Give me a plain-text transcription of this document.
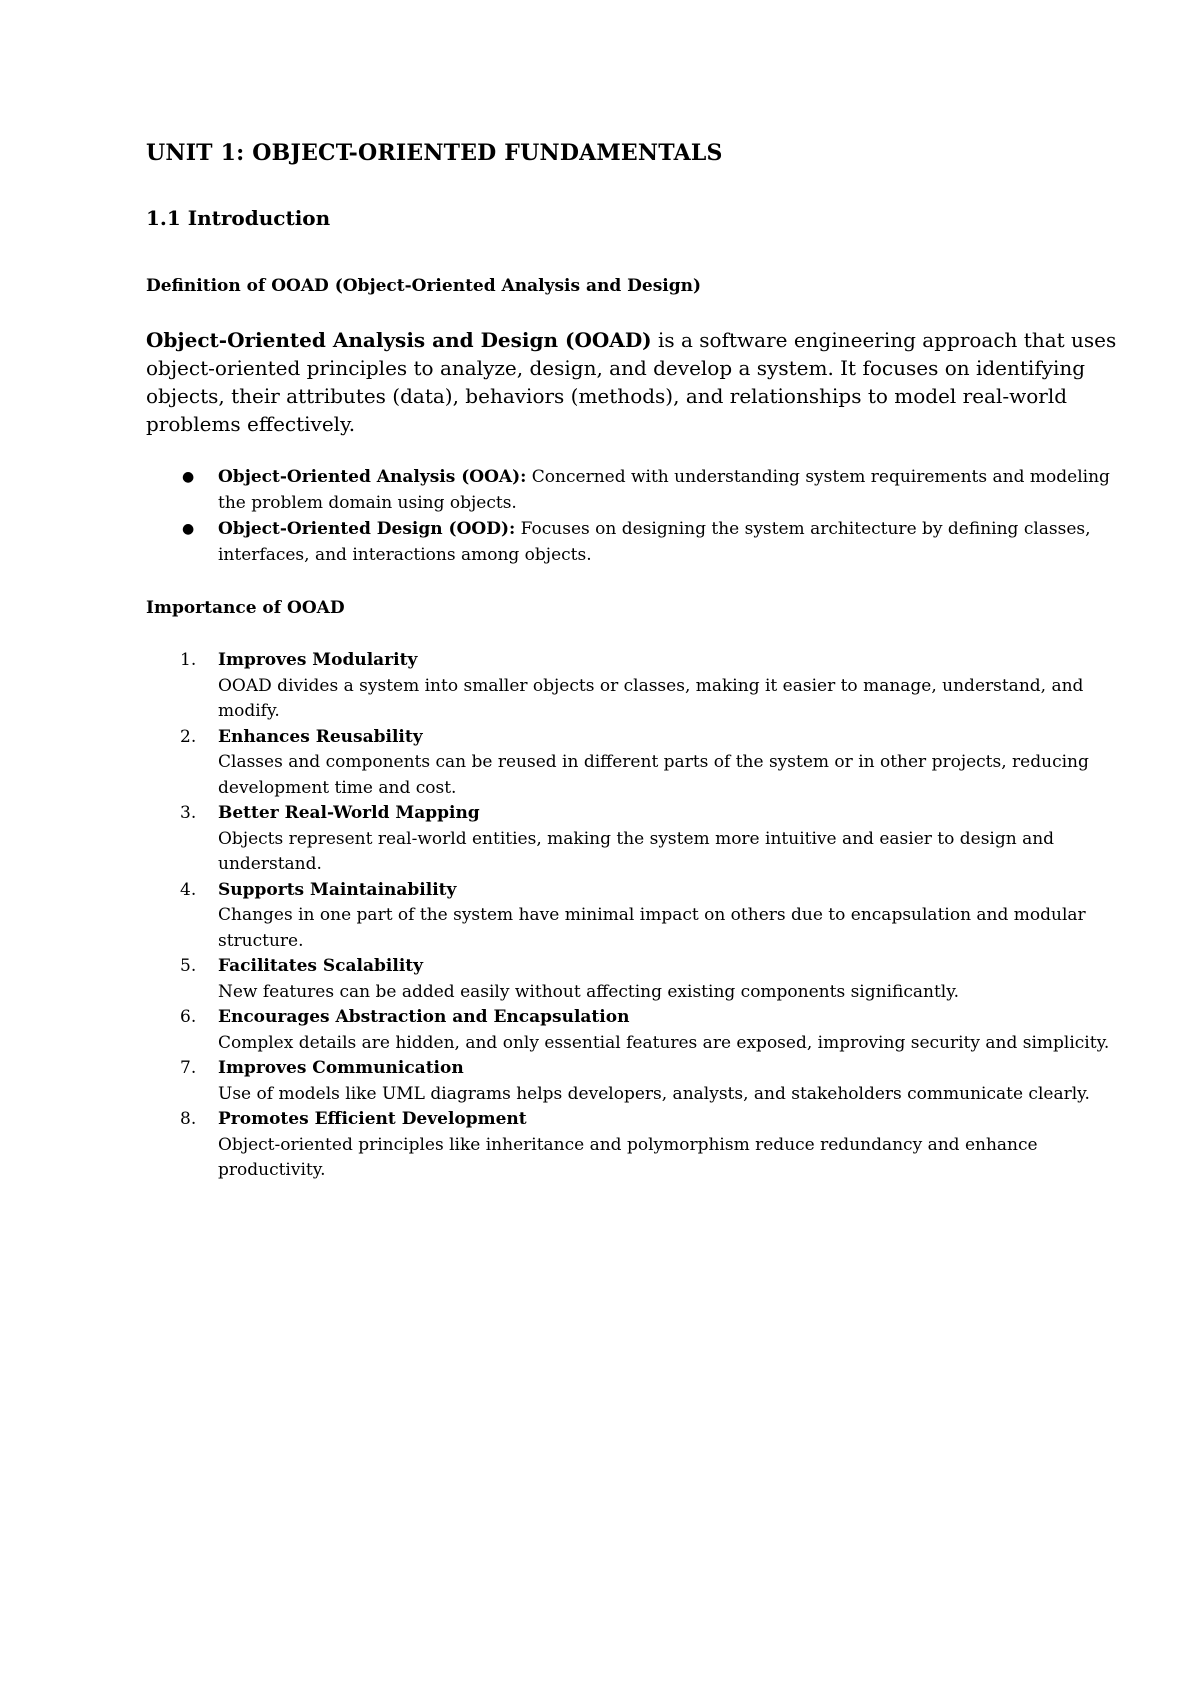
UNIT 1: OBJECT-ORIENTED FUNDAMENTALS
1.1 Introduction
Definition of OOAD (Object-Oriented Analysis and Design)

Object-Oriented Analysis and Design (OOAD) is a software engineering approach that uses object-oriented principles to analyze, design, and develop a system. It focuses on identifying objects, their attributes (data), behaviors (methods), and relationships to model real-world problems effectively.

● Object-Oriented Analysis (OOA): Concerned with understanding system requirements and modeling the problem domain using objects.
● Object-Oriented Design (OOD): Focuses on designing the system architecture by defining classes, interfaces, and interactions among objects.
Importance of OOAD
1. Improves Modularity
OOAD divides a system into smaller objects or classes, making it easier to manage, understand, and modify.
2. Enhances Reusability
Classes and components can be reused in different parts of the system or in other projects, reducing development time and cost.
3. Better Real-World Mapping
Objects represent real-world entities, making the system more intuitive and easier to design and understand.
4. Supports Maintainability
Changes in one part of the system have minimal impact on others due to encapsulation and modular structure.
5. Facilitates Scalability
New features can be added easily without affecting existing components significantly.
6. Encourages Abstraction and Encapsulation
Complex details are hidden, and only essential features are exposed, improving security and simplicity.
7. Improves Communication
Use of models like UML diagrams helps developers, analysts, and stakeholders communicate clearly.
8. Promotes Efficient Development
Object-oriented principles like inheritance and polymorphism reduce redundancy and enhance productivity.
